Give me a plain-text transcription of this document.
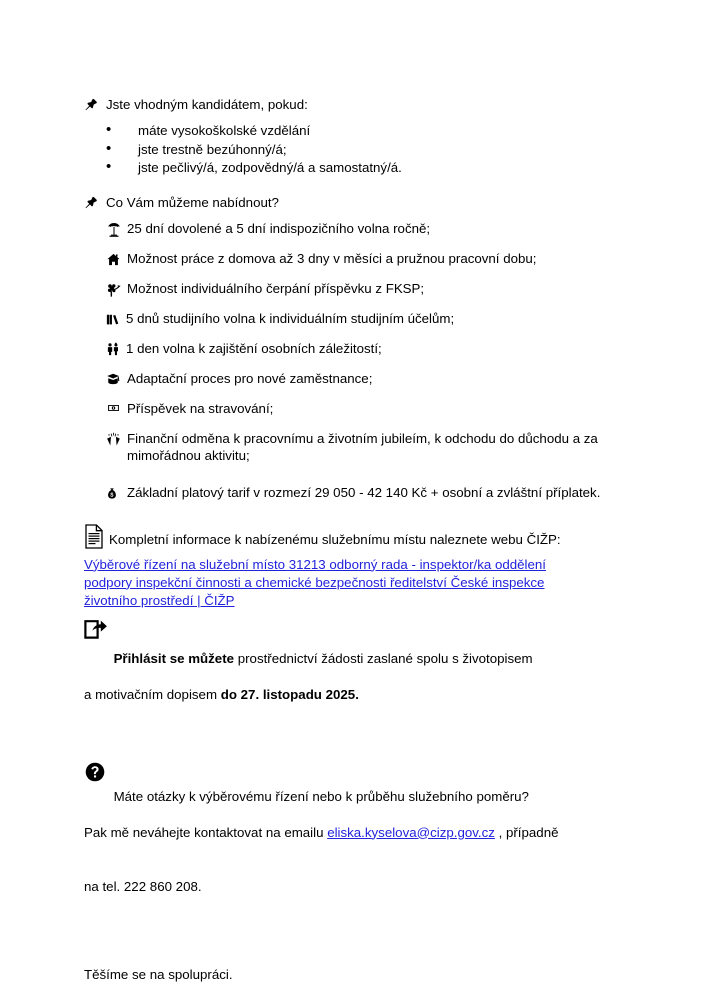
Jste vhodným kandidátem, pokud:
• máte vysokoškolské vzdělání
• jste trestně bezúhonný/á;
• jste pečlivý/á, zodpovědný/á a samostatný/á.
Co Vám můžeme nabídnout?
25 dní dovolené a 5 dní indispozičního volna ročně;
Možnost práce z domova až 3 dny v měsíci a pružnou pracovní dobu;
Možnost individuálního čerpání příspěvku z FKSP;
5 dnů studijního volna k individuálním studijním účelům;
1 den volna k zajištění osobních záležitostí;
Adaptační proces pro nové zaměstnance;
Příspěvek na stravování;
Finanční odměna k pracovnímu a životním jubileím, k odchodu do důchodu a za mimořádnou aktivitu;
Základní platový tarif v rozmezí 29 050 - 42 140 Kč + osobní a zvláštní příplatek.
Kompletní informace k nabízenému služebnímu místu naleznete webu ČIŽP:
Výběrové řízení na služební místo 31213 odborný rada - inspektor/ka oddělení podpory inspekční činnosti a chemické bezpečnosti ředitelství České inspekce životního prostředí | ČIŽP

Přihlásit se můžete prostřednictví žádosti zaslané spolu s životopisem

a motivačním dopisem do 27. listopadu 2025.

Máte otázky k výběrovému řízení nebo k průběhu služebního poměru?

Pak mě neváhejte kontaktovat na emailu eliska.kyselova@cizp.gov.cz , případně

na tel. 222 860 208.

Těšíme se na spolupráci.
